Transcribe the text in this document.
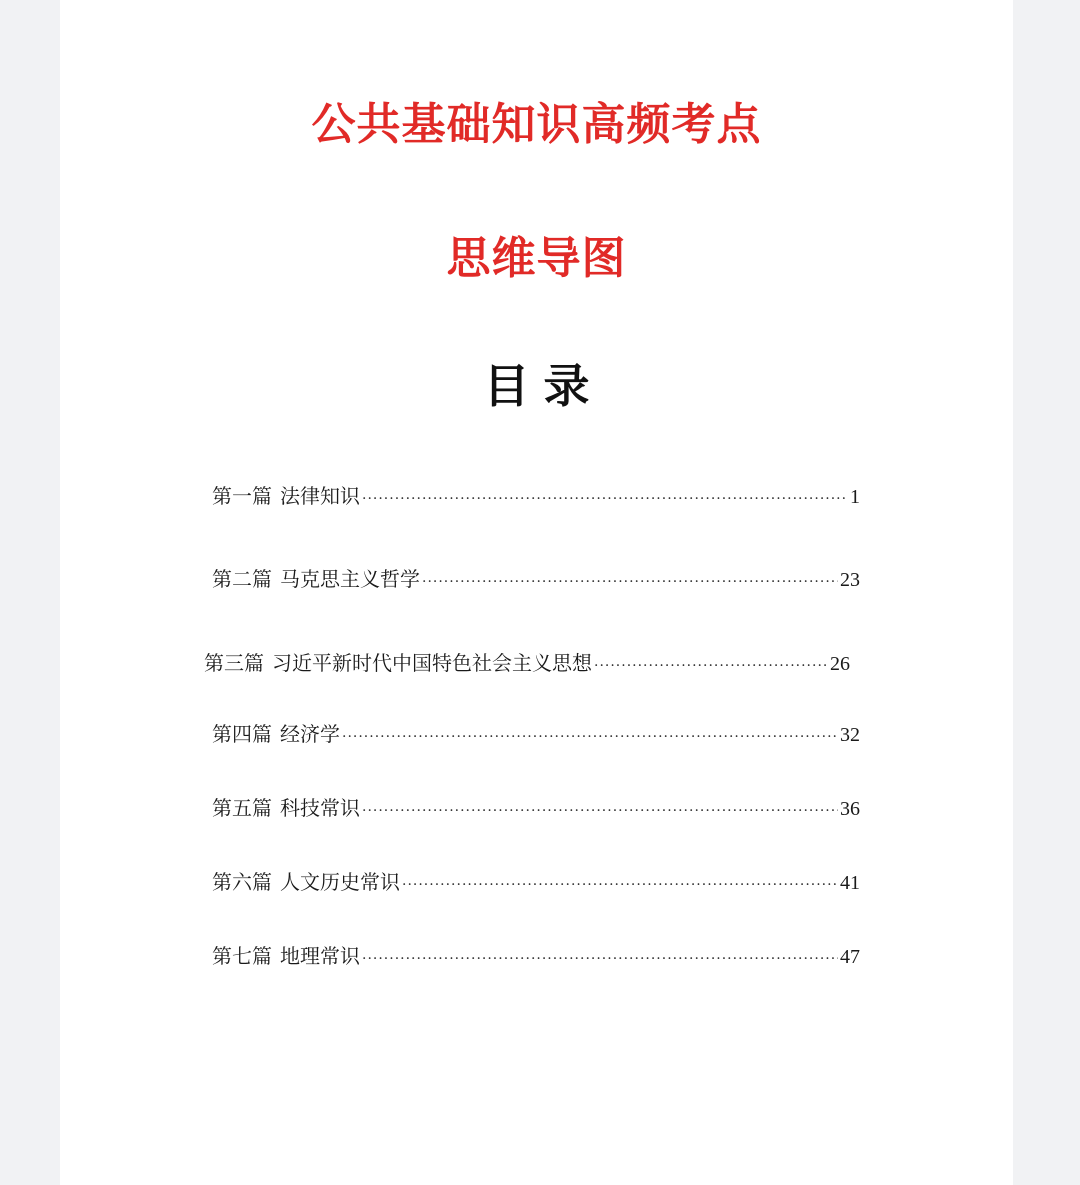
公共基础知识高频考点
思维导图
目录
第一篇 法律知识 ·····	1
第二篇 马克思主义哲学 ·····	23
第三篇 习近平新时代中国特色社会主义思想 ·····	26
第四篇 经济学 ·····	32
第五篇 科技常识 ·····	36
第六篇 人文历史常识 ·····	41
第七篇 地理常识 ·····	47
